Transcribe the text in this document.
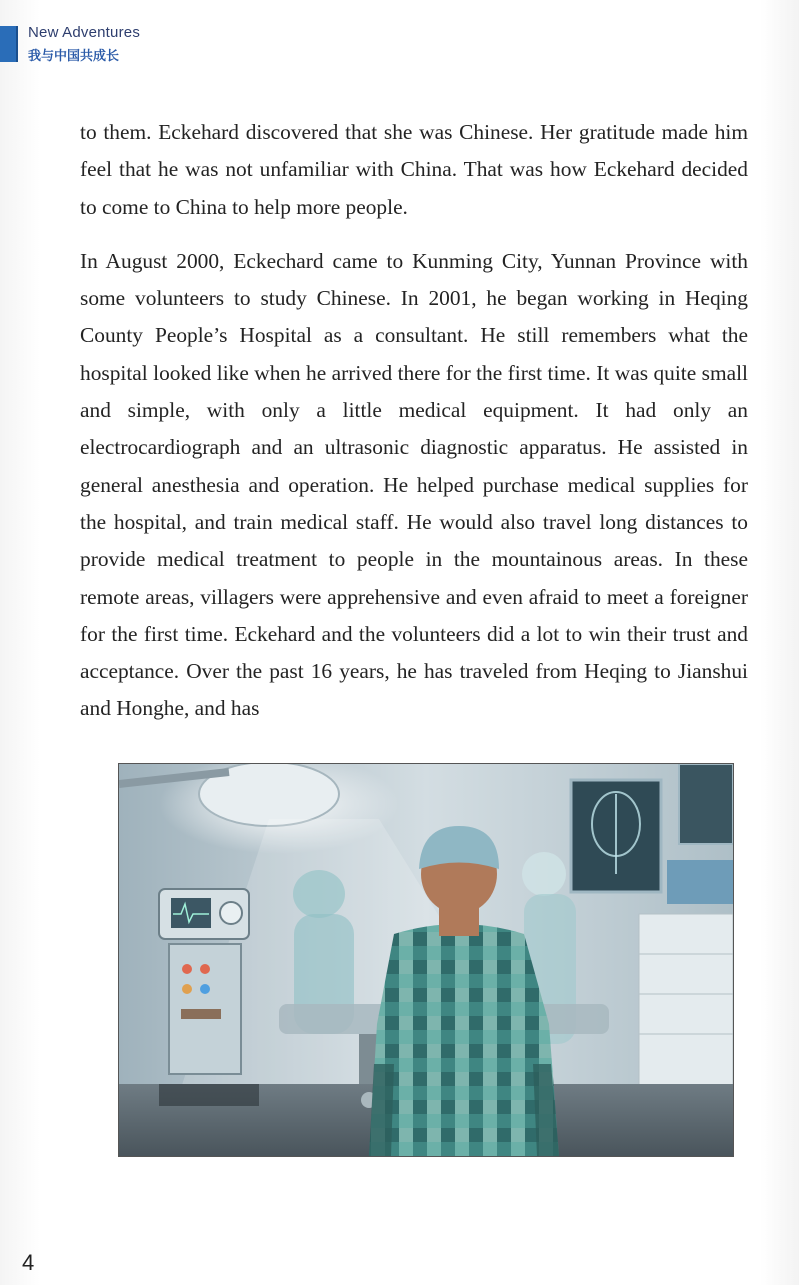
New Adventures
我与中国共成长

to them. Eckehard discovered that she was Chinese. Her gratitude made him feel that he was not unfamiliar with China. That was how Eckehard decided to come to China to help more people.

In August 2000, Eckechard came to Kunming City, Yunnan Province with some volunteers to study Chinese. In 2001, he began working in Heqing County People’s Hospital as a consultant. He still remembers what the hospital looked like when he arrived there for the first time. It was quite small and simple, with only a little medical equipment. It had only an electrocardiograph and an ultrasonic diagnostic apparatus. He assisted in general anesthesia and operation. He helped purchase medical supplies for the hospital, and train medical staff. He would also travel long distances to provide medical treatment to people in the mountainous areas. In these remote areas, villagers were apprehensive and even afraid to meet a foreigner for the first time. Eckehard and the volunteers did a lot to win their trust and acceptance. Over the past 16 years, he has traveled from Heqing to Jianshui and Honghe, and has

4
